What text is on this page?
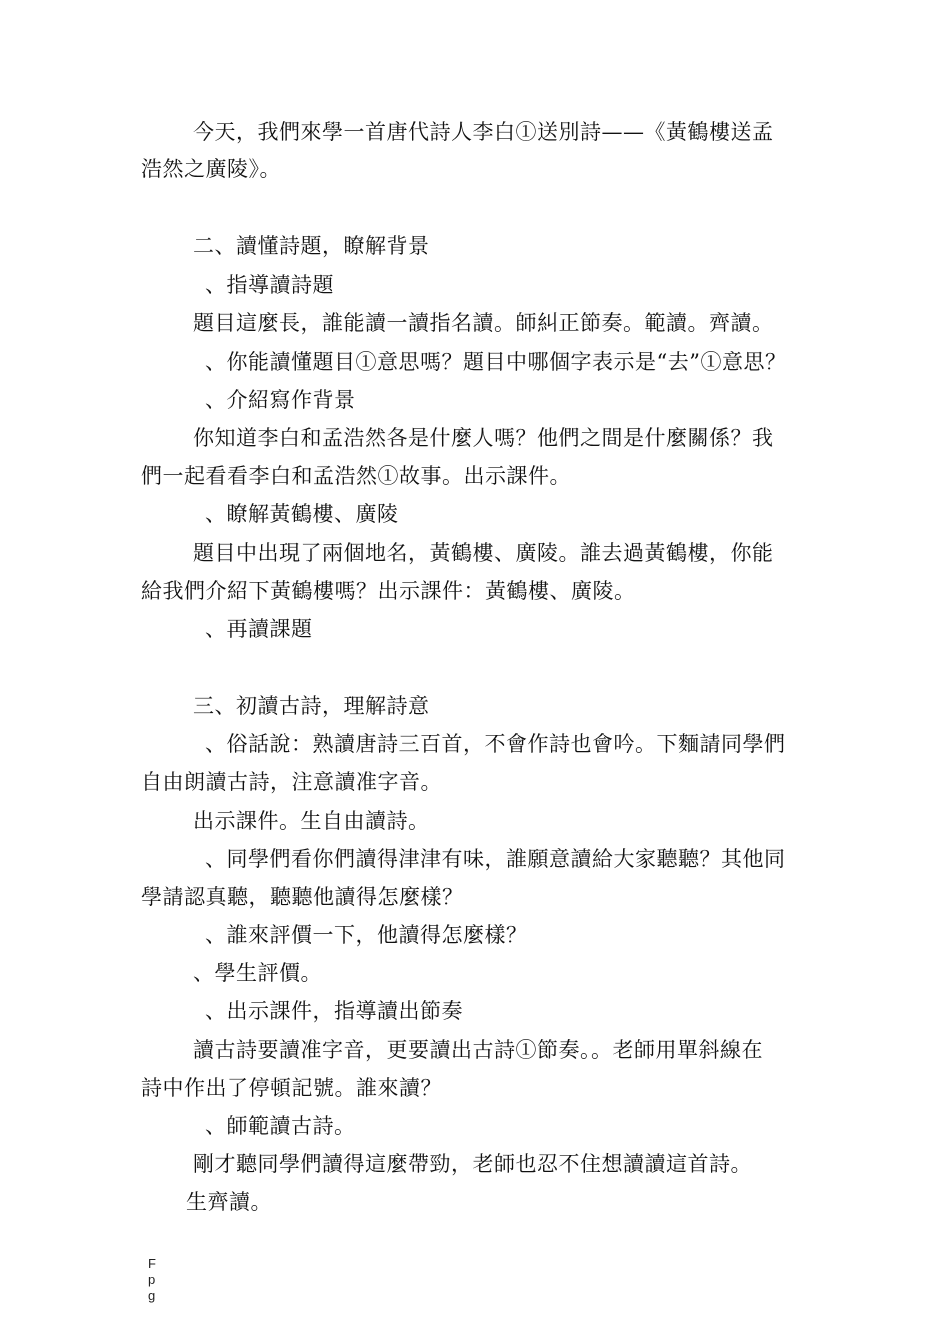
今天，我們來學一首唐代詩人李白①送別詩——《黃鶴樓送孟
浩然之廣陵》。
二、讀懂詩題，瞭解背景
、指導讀詩題
題目這麼長，誰能讀一讀指名讀。師糾正節奏。範讀。齊讀。
、你能讀懂題目①意思嗎？題目中哪個字表示是“去”①意思？
、介紹寫作背景
你知道李白和孟浩然各是什麼人嗎？他們之間是什麼關係？我
們一起看看李白和孟浩然①故事。出示課件。
、瞭解黃鶴樓、廣陵
題目中出現了兩個地名，黃鶴樓、廣陵。誰去過黃鶴樓，你能
給我們介紹下黃鶴樓嗎？出示課件：黃鶴樓、廣陵。
、再讀課題
三、初讀古詩，理解詩意
、俗話說：熟讀唐詩三百首，不會作詩也會吟。下麵請同學們
自由朗讀古詩，注意讀准字音。
出示課件。生自由讀詩。
、同學們看你們讀得津津有味，誰願意讀給大家聽聽？其他同
學請認真聽，聽聽他讀得怎麼樣？
、誰來評價一下，他讀得怎麼樣？
、學生評價。
、出示課件，指導讀出節奏
讀古詩要讀准字音，更要讀出古詩①節奏。。老師用單斜線在
詩中作出了停頓記號。誰來讀？
、師範讀古詩。
剛才聽同學們讀得這麼帶勁，老師也忍不住想讀讀這首詩。
生齊讀。
Fpg
